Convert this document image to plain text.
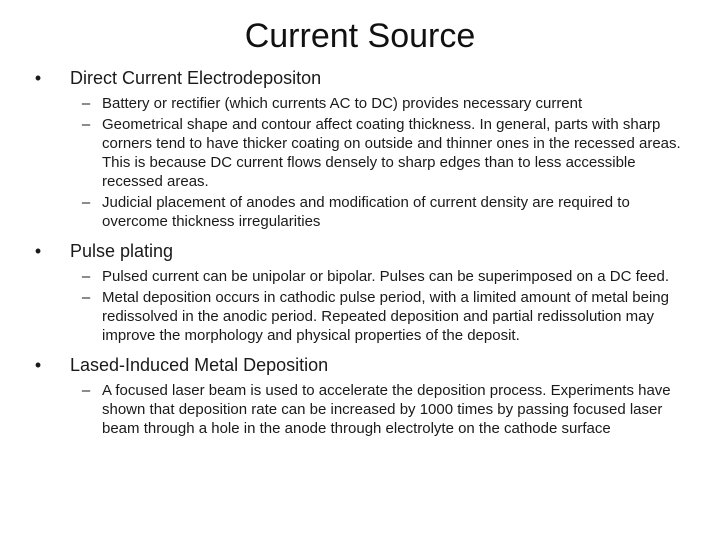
Current Source
•	Direct Current Electrodepositon
– Battery or rectifier (which currents AC to DC) provides necessary current
– Geometrical shape and contour affect coating thickness. In general, parts with sharp corners tend to have thicker coating on outside and thinner ones in the recessed areas. This is because DC current flows densely to sharp edges than to less accessible recessed areas.
– Judicial placement of anodes and modification of current density are required to overcome thickness irregularities
•	Pulse plating
– Pulsed current can be unipolar or bipolar. Pulses can be superimposed on a DC feed.
– Metal deposition occurs in cathodic pulse period, with a limited amount of metal being redissolved in the anodic period. Repeated deposition and partial redissolution may improve the morphology and physical properties of the deposit.
•	Lased-Induced Metal Deposition
– A focused laser beam is used to accelerate the deposition process. Experiments have shown that deposition rate can be increased by 1000 times by passing focused laser beam through a hole in the anode through electrolyte on the cathode surface
